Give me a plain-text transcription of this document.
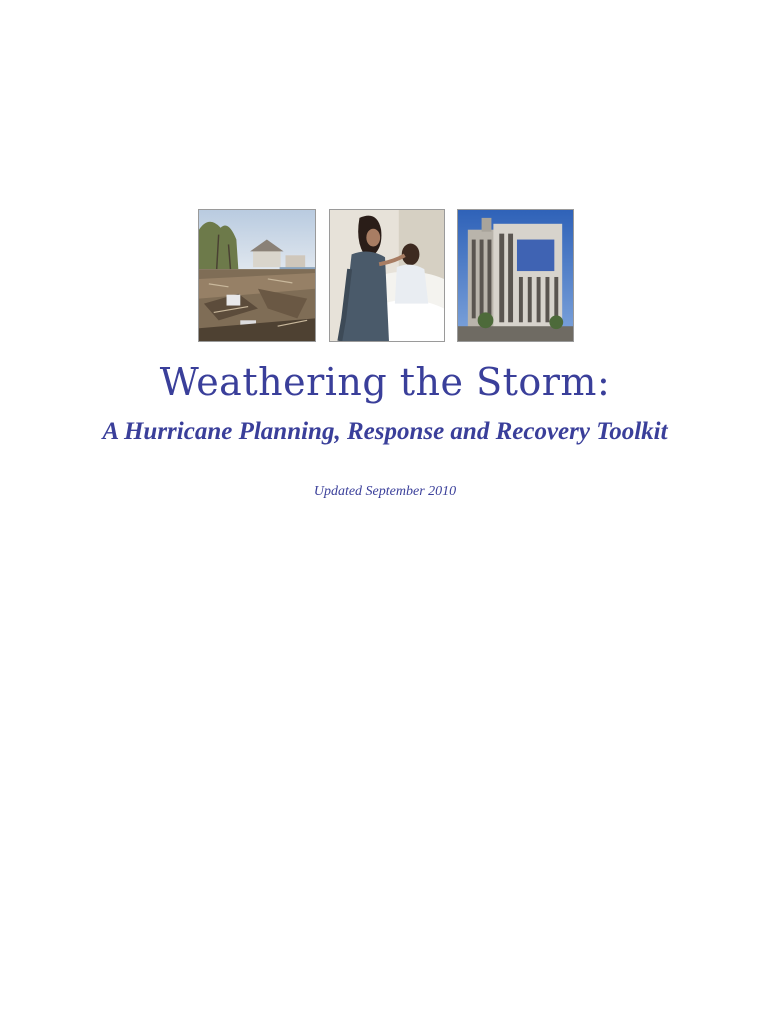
Weathering the Storm:
A Hurricane Planning, Response and Recovery Toolkit

Updated September 2010
